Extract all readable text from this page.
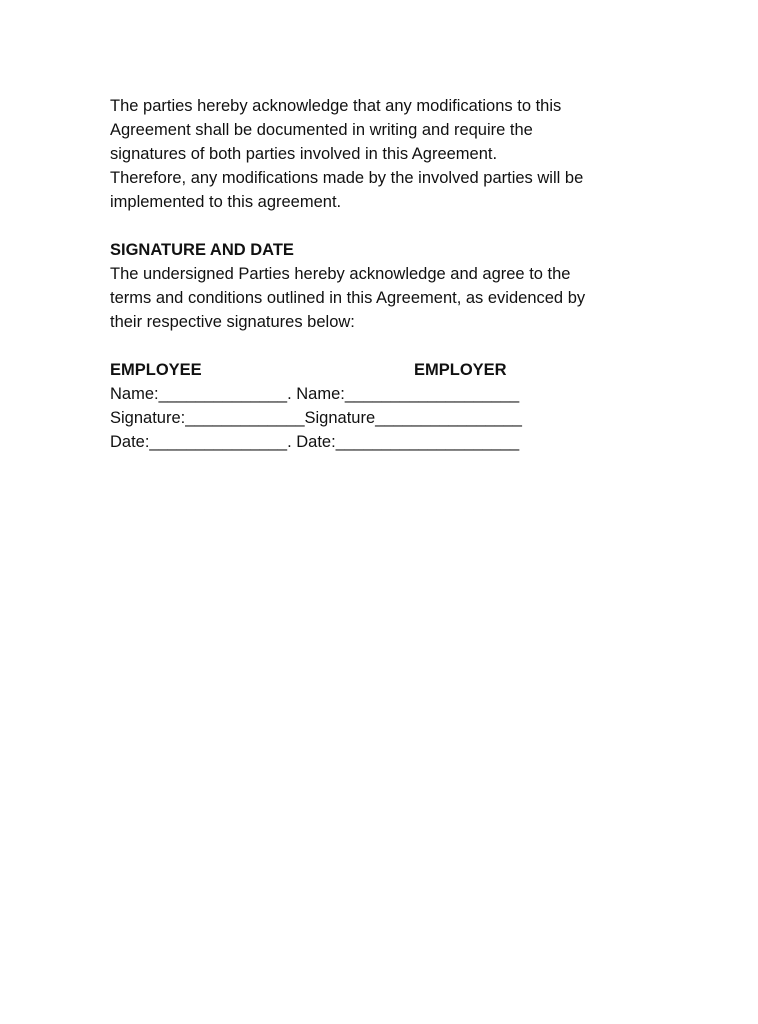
The parties hereby acknowledge that any modifications to this

Agreement shall be documented in writing and require the

signatures of both parties involved in this Agreement.

Therefore, any modifications made by the involved parties will be

implemented to this agreement.

SIGNATURE AND DATE

The undersigned Parties hereby acknowledge and agree to the

terms and conditions outlined in this Agreement, as evidenced by

their respective signatures below:

EMPLOYEE	EMPLOYER
Name:______________. Name:___________________
Signature:_____________Signature________________
Date:_______________. Date:____________________
